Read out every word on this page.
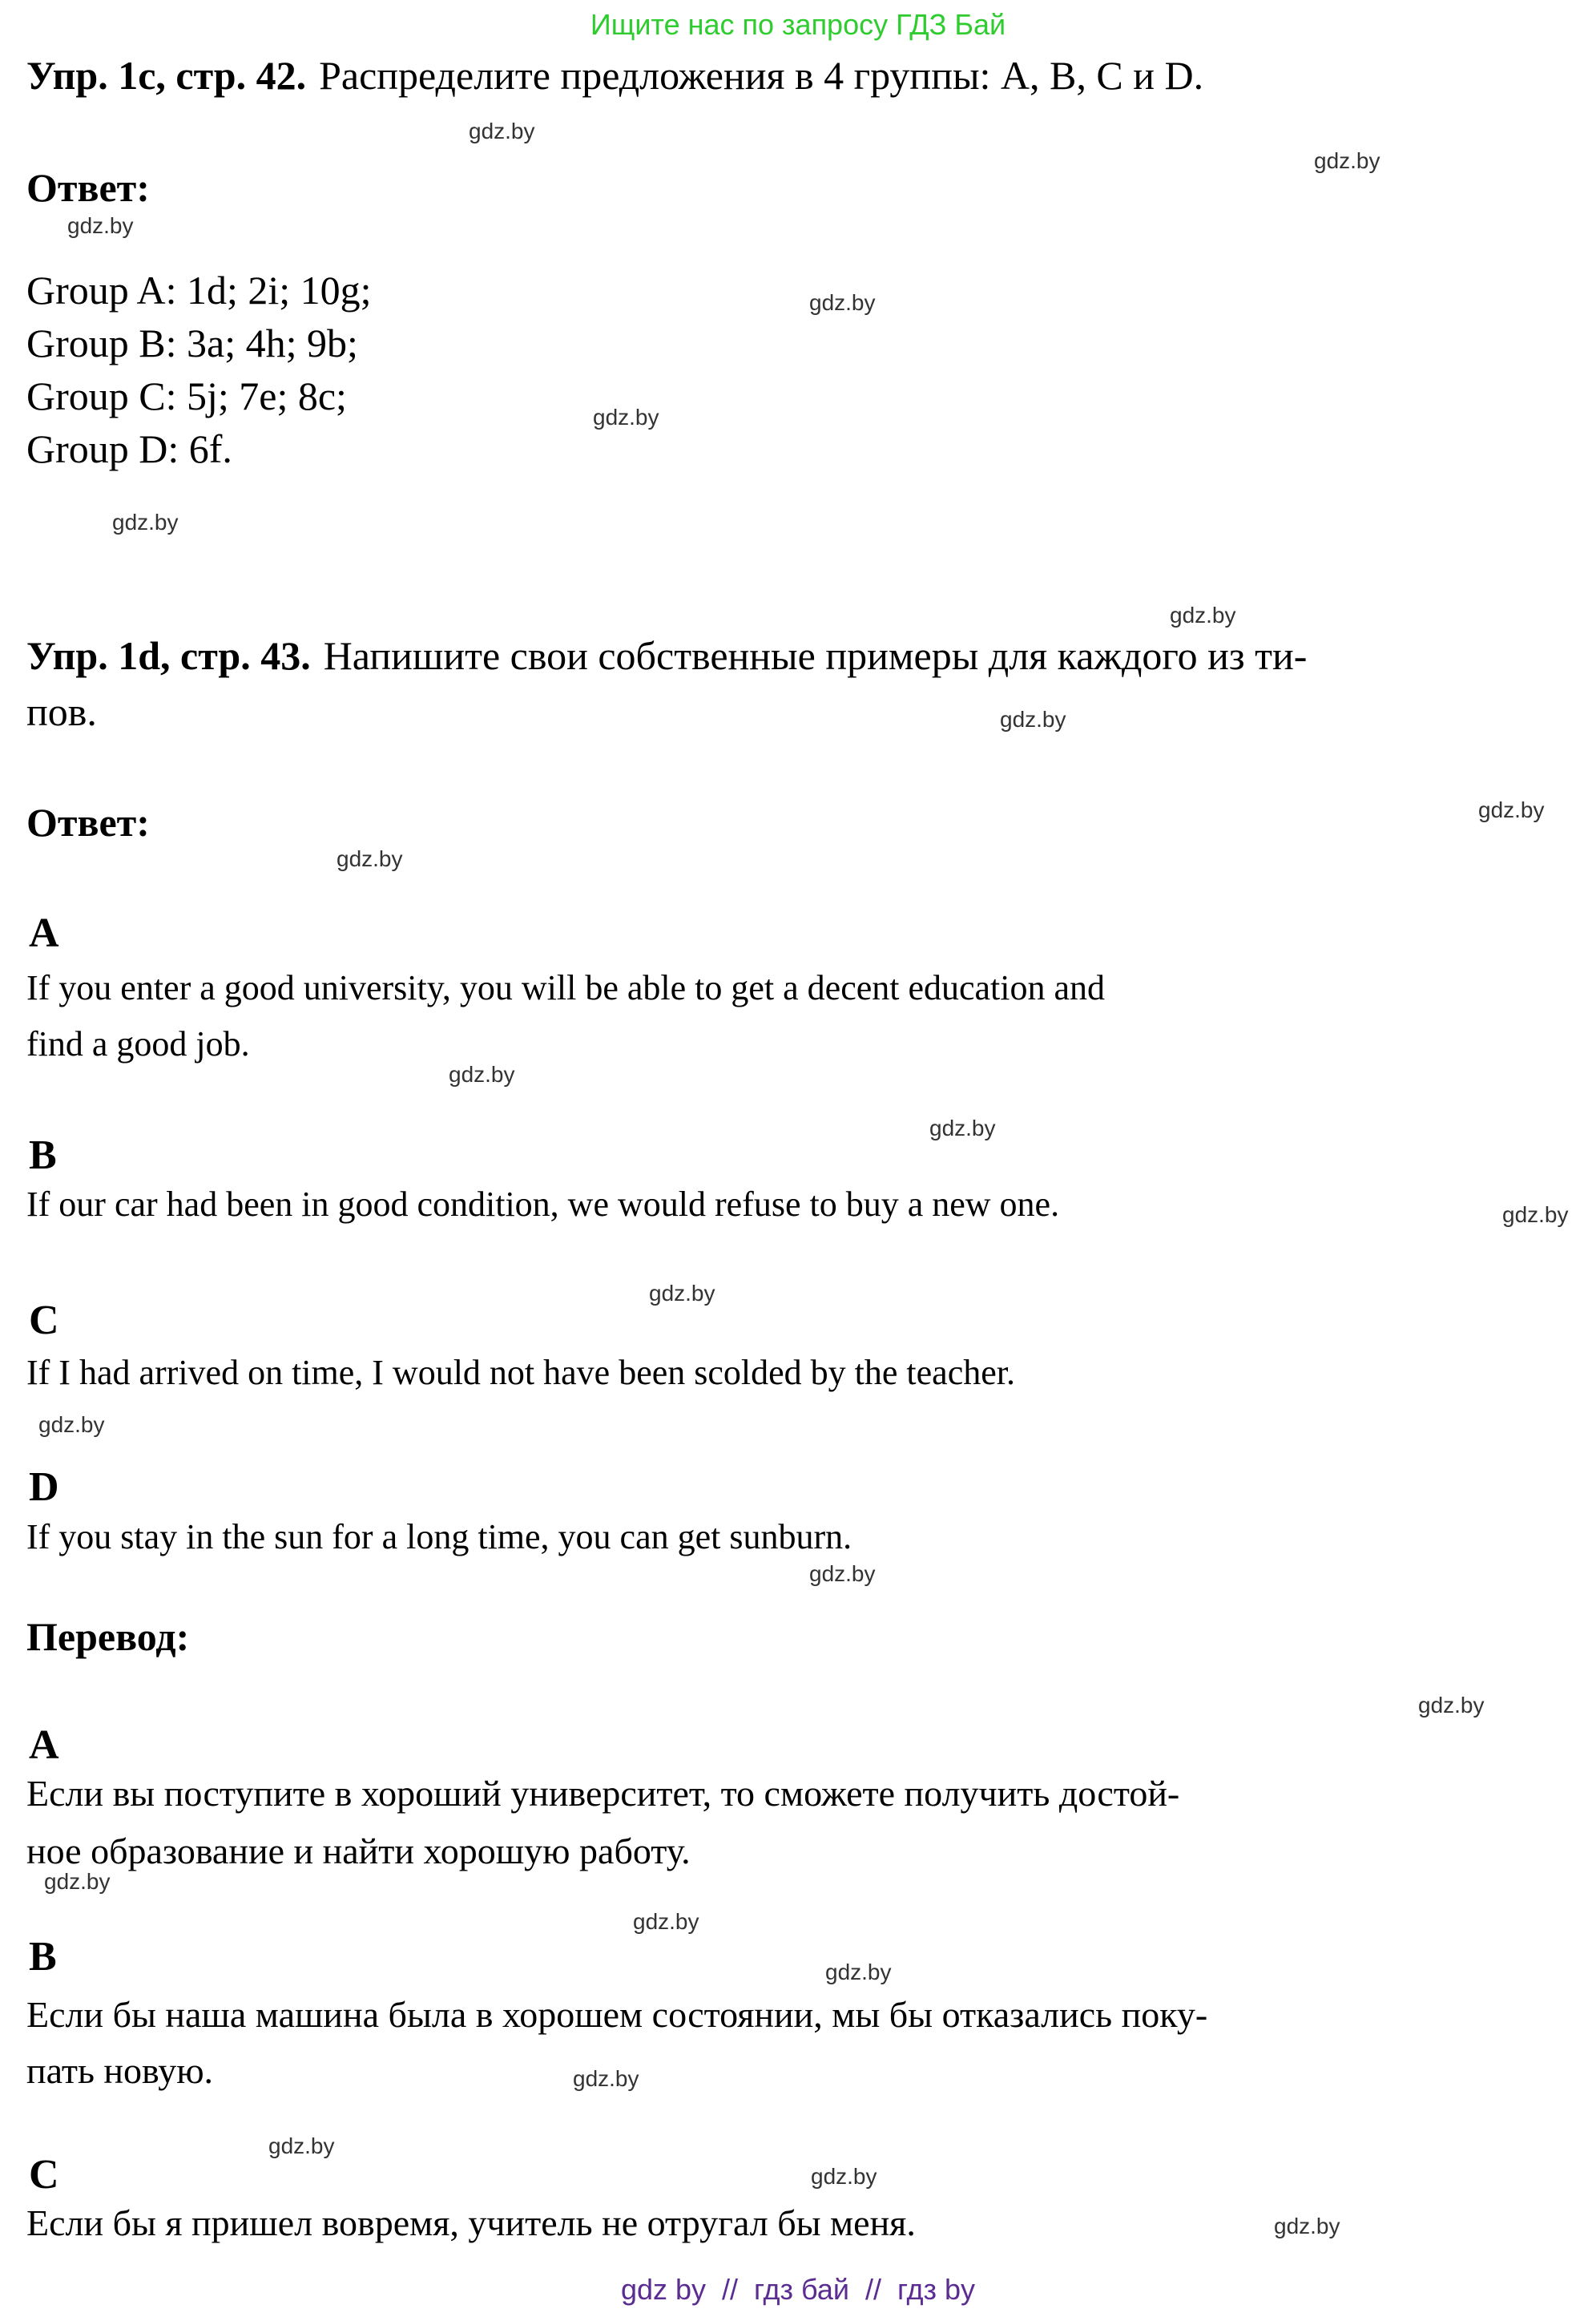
Ищите нас по запросу ГДЗ Бай
Упр. 1c, стр. 42. Распределите предложения в 4 группы: A, B, C и D.
Ответ:
Group A: 1d; 2i; 10g;
Group B: 3a; 4h; 9b;
Group C: 5j; 7e; 8c;
Group D: 6f.
Упр. 1d, стр. 43. Напишите свои собственные примеры для каждого из ти-
пов.
Ответ:
A
If you enter a good university, you will be able to get a decent education and
find a good job.
B
If our car had been in good condition, we would refuse to buy a new one.
C
If I had arrived on time, I would not have been scolded by the teacher.
D
If you stay in the sun for a long time, you can get sunburn.
Перевод:
A
Если вы поступите в хороший университет, то сможете получить достой-
ное образование и найти хорошую работу.
B
Если бы наша машина была в хорошем состоянии, мы бы отказались поку-
пать новую.
C
Если бы я пришел вовремя, учитель не отругал бы меня.
gdz.by
gdz.by
gdz.by
gdz.by
gdz.by
gdz.by
gdz.by
gdz.by
gdz.by
gdz.by
gdz.by
gdz.by
gdz.by
gdz.by
gdz.by
gdz.by
gdz.by
gdz.by
gdz.by
gdz.by
gdz.by
gdz.by
gdz.by
gdz.by
gdz by  //  гдз бай  //  гдз by
